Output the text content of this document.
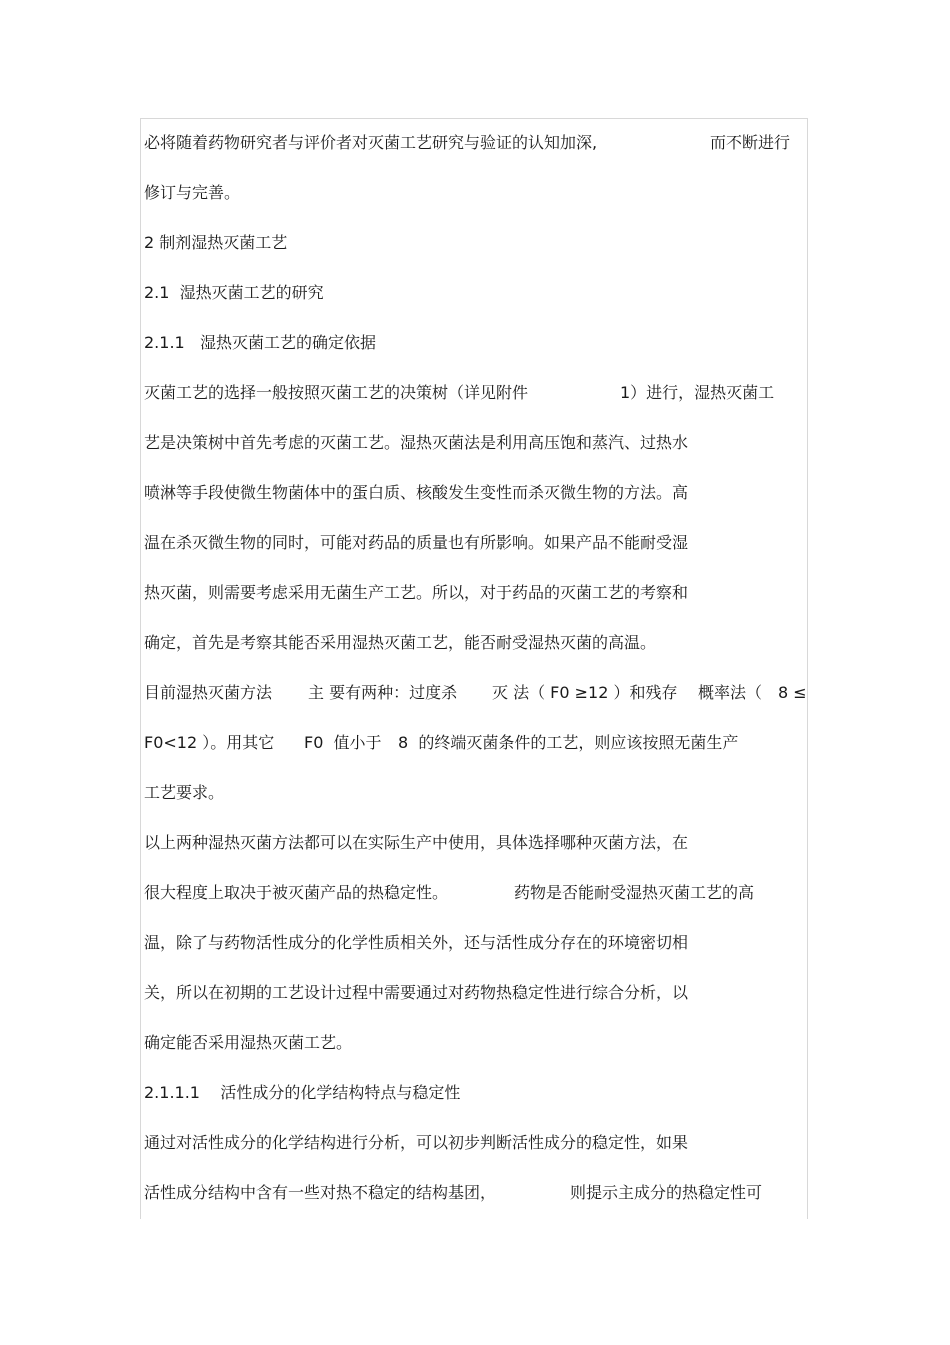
必将随着药物研究者与评价者对灭菌工艺研究与验证的认知加深,

	而不断进行

修订与完善。

2 制剂湿热灭菌工艺

2.1  湿热灭菌工艺的研究

2.1.1   湿热灭菌工艺的确定依据

灭菌工艺的选择一般按照灭菌工艺的决策树（详见附件

	1）进行，湿热灭菌工

艺是决策树中首先考虑的灭菌工艺。湿热灭菌法是利用高压饱和蒸汽、过热水

喷淋等手段使微生物菌体中的蛋白质、核酸发生变性而杀灭微生物的方法。高

温在杀灭微生物的同时，可能对药品的质量也有所影响。如果产品不能耐受湿

热灭菌，则需要考虑采用无菌生产工艺。所以，对于药品的灭菌工艺的考察和

确定，首先是考察其能否采用湿热灭菌工艺，能否耐受湿热灭菌的高温。

目前湿热灭菌方法

主 要有两种：过度杀

灭 法（ F0 ≥12 ）和残存

概率法（

8 ≤

F0<12 ）。用其它

F0  值小于

8  的终端灭菌条件的工艺，则应该按照无菌生产

工艺要求。

以上两种湿热灭菌方法都可以在实际生产中使用，具体选择哪种灭菌方法，在

很大程度上取决于被灭菌产品的热稳定性。

	药物是否能耐受湿热灭菌工艺的高

温，除了与药物活性成分的化学性质相关外，还与活性成分存在的环境密切相

关，所以在初期的工艺设计过程中需要通过对药物热稳定性进行综合分析，以

确定能否采用湿热灭菌工艺。

2.1.1.1    活性成分的化学结构特点与稳定性

通过对活性成分的化学结构进行分析，可以初步判断活性成分的稳定性，如果

活性成分结构中含有一些对热不稳定的结构基团，

	则提示主成分的热稳定性可
